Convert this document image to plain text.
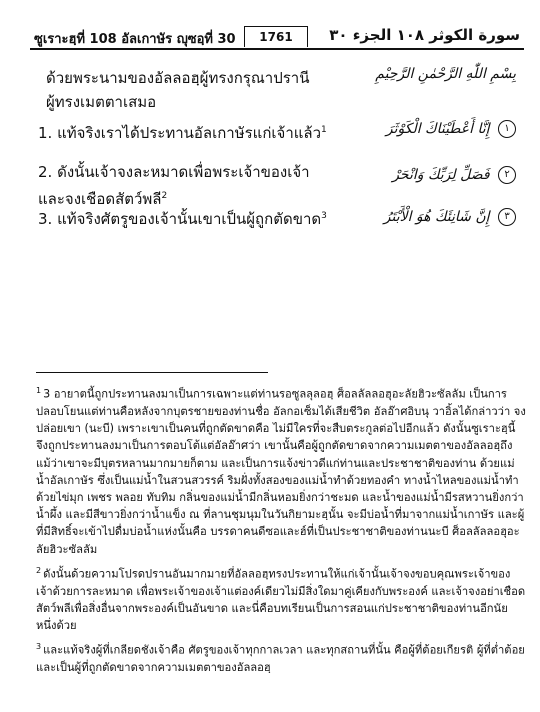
ซูเราะฮฺที่ 108 อัลเกาษัร ญุซอฺที่ 30	1761	سورة الكوثر ١٠٨ الجزء ٣٠
بِسْمِ اللّٰهِ الرَّحْمٰنِ الرَّحِيْمِ
ด้วยพระนามของอัลลอฮฺผู้ทรงกรุณาปรานี ผู้ทรงเมตตาเสมอ
١ إِنَّا أَعْطَيْنَاكَ الْكَوْثَرَ
1. แท้จริงเราได้ประทานอัลเกาษัรแก่เจ้าแล้ว$^1$
٢ فَصَلِّ لِرَبِّكَ وَانْحَرْ
2. ดังนั้นเจ้าจงละหมาดเพื่อพระเจ้าของเจ้าและจงเชือดสัตว์พลี$^2$
٣ إِنَّ شَانِئَكَ هُوَ الْأَبْتَرُ
3. แท้จริงศัตรูของเจ้านั้นเขาเป็นผู้ถูกตัดขาด$^3$

$^1$ 3 อายาตนี้ถูกประทานลงมาเป็นการเฉพาะแต่ท่านรอซูลลุลอฮฺ ศ็อลลัลลอฮุอะลัยฮิวะซัลลัม เป็นการปลอบโยนแต่ท่านคือหลังจากบุตรชายของท่านชื่อ อัลกอเซ็มได้เสียชีวิต อัลอ๊าศอิบนุ วาอิ้ลได้กล่าวว่า จงปล่อยเขา (นะบี) เพราะเขาเป็นคนที่ถูกตัดขาดคือ ไม่มีใครที่จะสืบตระกูลต่อไปอีกแล้ว ดังนั้นซูเราะฮฺนี้จึงถูกประทานลงมาเป็นการตอบโต้แต่อัลอ๊าศว่า เขานั้นคือผู้ถูกตัดขาดจากความเมตตาของอัลลอฮฺถึงแม้ว่าเขาจะมีบุตรหลานมากมายก็ตาม และเป็นการแจ้งข่าวดีแก่ท่านและประชาชาติของท่าน ด้วยแม่น้ำอัลเกาษัร ซึ่งเป็นแม่น้ำในสวนสวรรค์ ริมฝั่งทั้งสองของแม่น้ำทำด้วยทองคำ ทางน้ำไหลของแม่น้ำทำด้วยไข่มุก เพชร พลอย ทับทิม กลิ่นของแม่น้ำมีกลิ่นหอมยิ่งกว่าชะมด และน้ำของแม่น้ำมีรสหวานยิ่งกว่าน้ำผึ้ง และมีสีขาวยิ่งกว่าน้ำแข็ง ณ ที่ลานชุมนุมในวันกิยามะฮฺนั้น จะมีบ่อน้ำที่มาจากแม่น้ำเกาษัร และผู้ที่มีสิทธิ์จะเข้าไปดื่มบ่อน้ำแห่งนั้นคือ บรรดาคนดีซอและฮ์ที่เป็นประชาชาติของท่านนะบี ศ็อลลัลลอฮุอะลัยฮิวะซัลลัม

$^2$ ดังนั้นด้วยความโปรดปรานอันมากมายที่อัลลอฮฺทรงประทานให้แก่เจ้านั้นเจ้าจงขอบคุณพระเจ้าของเจ้าด้วยการละหมาด เพื่อพระเจ้าของเจ้าแต่องค์เดียวไม่มีสิ่งใดมาคู่เคียงกับพระองค์ และเจ้าจงอย่าเชือดสัตว์พลีเพื่อสิ่งอื่นจากพระองค์เป็นอันขาด และนี่คือบทเรียนเป็นการสอนแก่ประชาชาติของท่านอีกนัยหนึ่งด้วย

$^3$ และแท้จริงผู้ที่เกลียดชังเจ้าคือ ศัตรูของเจ้าทุกกาลเวลา และทุกสถานที่นั้น คือผู้ที่ต้อยเกียรติ ผู้ที่ต่ำต้อยและเป็นผู้ที่ถูกตัดขาดจากความเมตตาของอัลลอฮฺ
